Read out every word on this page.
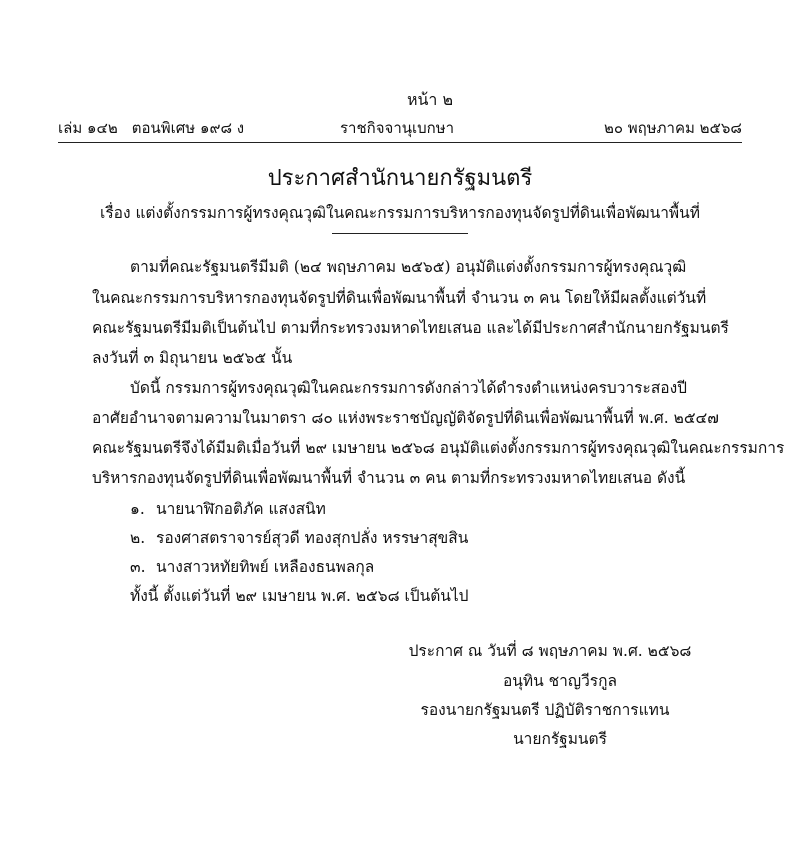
หน้า ๒
เล่ม ๑๔๒ ตอนพิเศษ ๑๙๘ ง	ราชกิจจานุเบกษา	๒๐ พฤษภาคม ๒๕๖๘
ประกาศสำนักนายกรัฐมนตรี
เรื่อง แต่งตั้งกรรมการผู้ทรงคุณวุฒิในคณะกรรมการบริหารกองทุนจัดรูปที่ดินเพื่อพัฒนาพื้นที่
ตามที่คณะรัฐมนตรีมีมติ (๒๔ พฤษภาคม ๒๕๖๕) อนุมัติแต่งตั้งกรรมการผู้ทรงคุณวุฒิ
ในคณะกรรมการบริหารกองทุนจัดรูปที่ดินเพื่อพัฒนาพื้นที่ จำนวน ๓ คน โดยให้มีผลตั้งแต่วันที่
คณะรัฐมนตรีมีมติเป็นต้นไป ตามที่กระทรวงมหาดไทยเสนอ และได้มีประกาศสำนักนายกรัฐมนตรี
ลงวันที่ ๓ มิถุนายน ๒๕๖๕ นั้น
บัดนี้ กรรมการผู้ทรงคุณวุฒิในคณะกรรมการดังกล่าวได้ดำรงตำแหน่งครบวาระสองปี
อาศัยอำนาจตามความในมาตรา ๘๐ แห่งพระราชบัญญัติจัดรูปที่ดินเพื่อพัฒนาพื้นที่ พ.ศ. ๒๕๔๗
คณะรัฐมนตรีจึงได้มีมติเมื่อวันที่ ๒๙ เมษายน ๒๕๖๘ อนุมัติแต่งตั้งกรรมการผู้ทรงคุณวุฒิในคณะกรรมการ
บริหารกองทุนจัดรูปที่ดินเพื่อพัฒนาพื้นที่ จำนวน ๓ คน ตามที่กระทรวงมหาดไทยเสนอ ดังนี้
๑. นายนาฬิกอติภัค แสงสนิท
๒. รองศาสตราจารย์สุวดี ทองสุกปลั่ง หรรษาสุขสิน
๓. นางสาวหทัยทิพย์ เหลืองธนพลกุล
ทั้งนี้ ตั้งแต่วันที่ ๒๙ เมษายน พ.ศ. ๒๕๖๘ เป็นต้นไป
ประกาศ ณ วันที่ ๘ พฤษภาคม พ.ศ. ๒๕๖๘
อนุทิน ชาญวีรกูล
รองนายกรัฐมนตรี ปฏิบัติราชการแทน
นายกรัฐมนตรี
